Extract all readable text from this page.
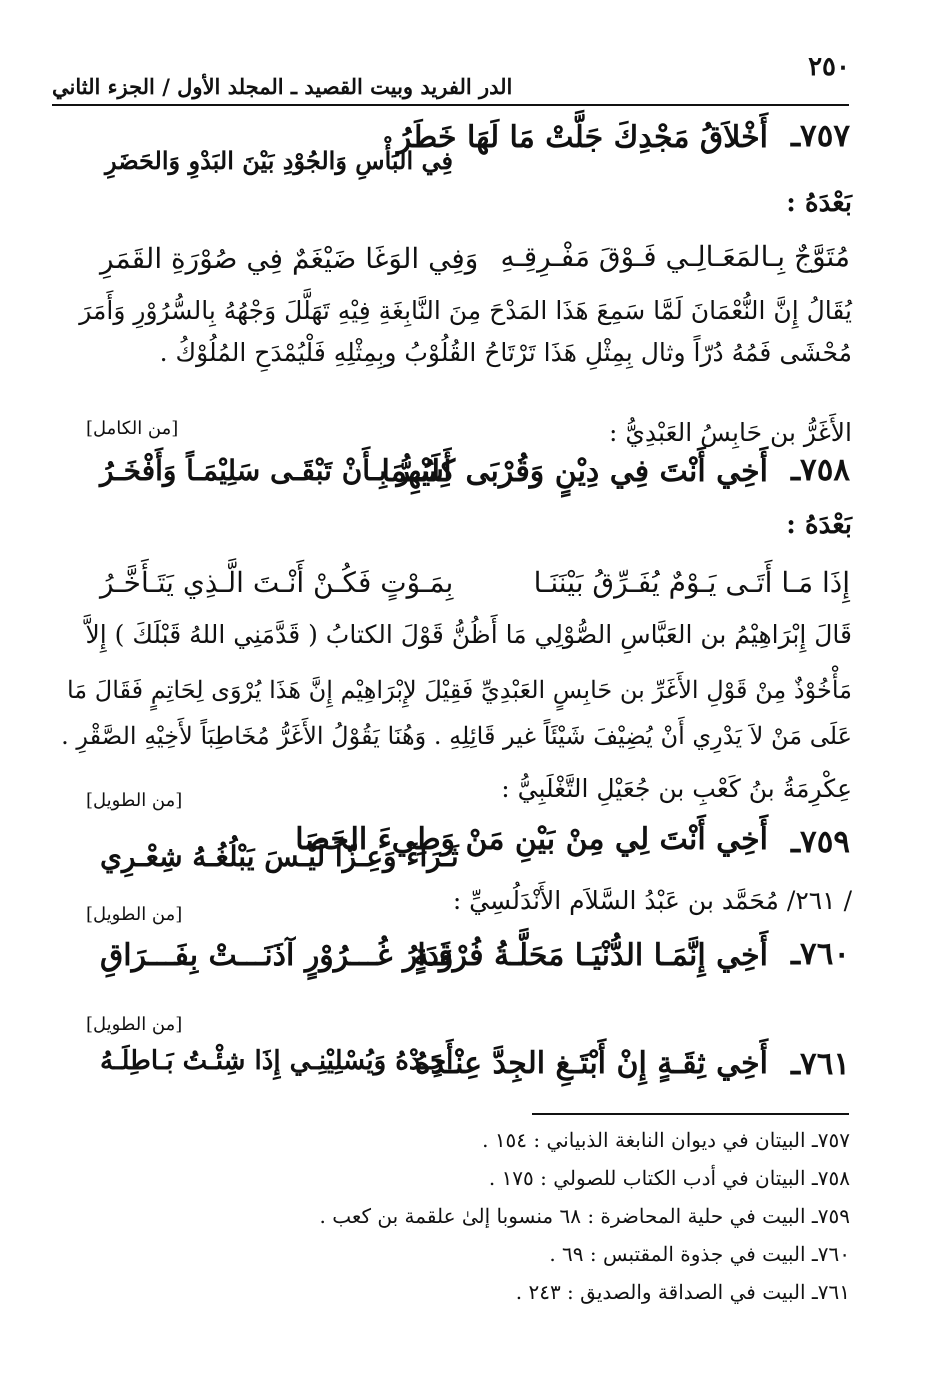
٢٥٠
الدر الفريد وبيت القصيد ـ المجلد الأول / الجزء الثاني
٧٥٧ـ
أَخْلاَقُ مَجْدِكَ جَلَّتْ مَا لَهَا خَطَرُ
فِي البَأْسِ وَالجُوْدِ بَيْنَ البَدْوِ وَالحَضَرِ
بَعْدَهُ :
مُتَوَّجٌ بِـالمَعَـالِـي فَـوْقَ مَفْـرِقِـهِ
وَفِي الوَغَا ضَيْغَمٌ فِي صُوْرَةِ القَمَرِ
يُقَالُ إِنَّ النُّعْمَانَ لَمَّا سَمِعَ هَذَا المَدْحَ مِنَ النَّابِغَةِ فِيْهِ تَهَلَّلَ وَجْهُهُ بِالسُّرُوْرِ وَأَمَرَ
مُحْشَى فَمُهُ دُرّاً وثال بِمِثْلِ هَذَا تَرْتَاحُ القُلُوْبُ وبِمِثْلِهِ فَلْيُمْدَحِ المُلُوْكُ .
الأَغَرُّ بن حَابِسُ العَبْدِيُّ :
[من الكامل]
٧٥٨ـ
أَخِي أَنْتَ فِي دِيْنٍ وَقُرْبَى كِلَيْهِمَا
أَسُـرُّ بِـأَنْ تَبْقَـى سَلِيْمَـاً وَأَفْخَـرُ
بَعْدَهُ :
إِذَا مَـا أَتَـى يَـوْمٌ يُفَـرِّقُ بَيْنَنَـا
بِمَـوْتٍ فَكُـنْ أَنْـتَ الَّـذِي يَتَـأَخَّـرُ
قَالَ إِبْرَاهِيْمُ بن العَبَّاسِ الصُّوْلِي مَا أَظُنُّ قَوْلَ الكتابُ ( قَدَّمَنِي اللهُ قَبْلَكَ ) إِلاَّ
مَأْخُوْذٌ مِنْ قَوْلِ الأَغَرِّ بن حَابِسٍ العَبْدِيِّ فَقِيْلَ لإِبْرَاهِيْم إِنَّ هَذَا يُرْوَى لِحَاتِمٍ فَقَالَ مَا
عَلَى مَنْ لاَ يَدْرِي أَنْ يُضِيْفَ شَيْئَاً غير قَائِلِهِ . وَهُنَا يَقُوْلُ الأَغَرُّ مُخَاطِبَاً لأَخِيْهِ الصَّقْرِ .
عِكْرِمَةُ بنُ كَعْبِ بن جُعَيْلِ التَّغْلَبِيُّ :
[من الطويل]
٧٥٩ـ
أَخِي أَنْتَ لِي مِنْ بَيْنِ مَنْ وَطِيءَ الحَصَا
ثَـرَاءً وَعِـزّاً لَيْـسَ يَبْلُغُـهُ شِعْـرِي
/ ٢٦١/ مُحَمَّد بن عَبْدُ السَّلاَم الأَنْدَلُسِيِّ :
[من الطويل]
٧٦٠ـ
أَخِي إِنَّمَـا الدُّنْيَـا مَحَلَّـةُ فُرْقَـةٍ
وَدَارُ غُـــرُوْرٍ آذَنَـــتْ بِفَـــرَاقِ
[من الطويل]
٧٦١ـ
أَخِي ثِقَـةٍ إِنْ أَبْتَـغِ الجِدَّ عِنْـدَهُ
أَجِـدْهُ وَيُسْلِيْنِـي إِذَا شِئْـتُ بَـاطِلَـهُ
٧٥٧ـ البيتان في ديوان النابغة الذبياني : ١٥٤ .
٧٥٨ـ البيتان في أدب الكتاب للصولي : ١٧٥ .
٧٥٩ـ البيت في حلية المحاضرة : ٦٨ منسوبا إلىٰ علقمة بن كعب .
٧٦٠ـ البيت في جذوة المقتبس : ٦٩ .
٧٦١ـ البيت في الصداقة والصديق : ٢٤٣ .
